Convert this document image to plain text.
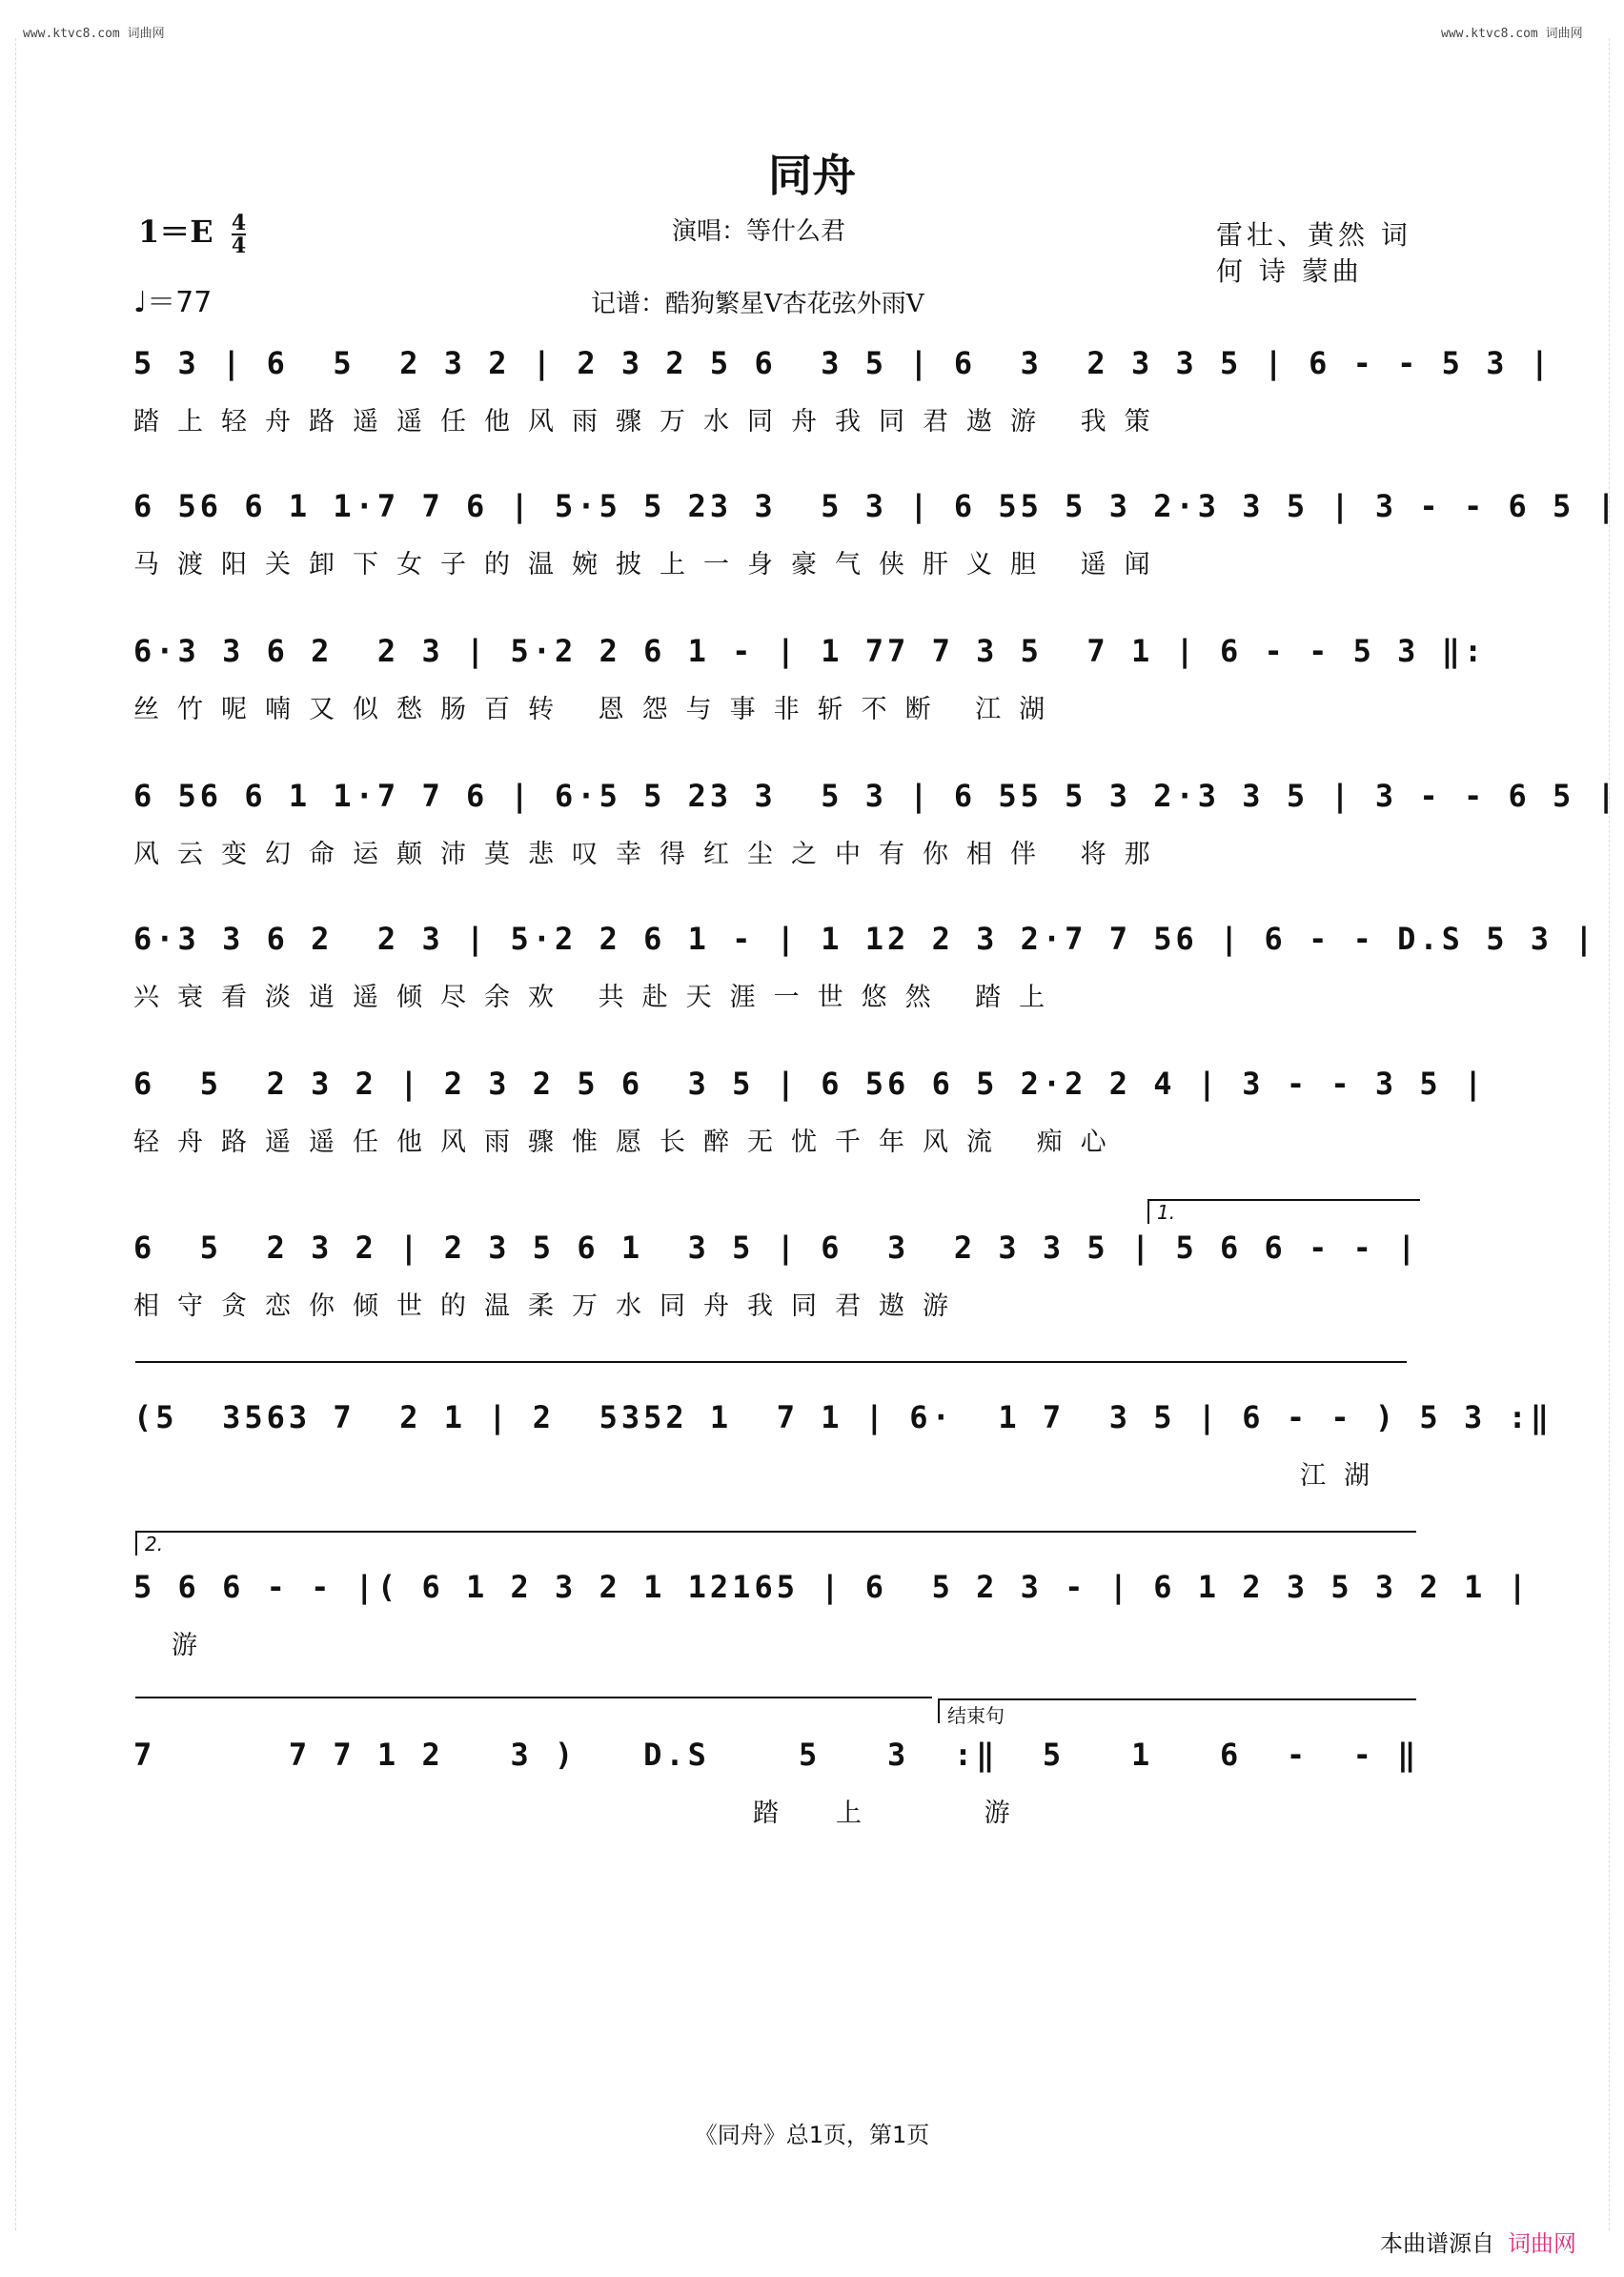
www.ktvc8.com 词曲网	www.ktvc8.com 词曲网
同舟
$1=E \frac{4}{4}$
♩＝77
演唱：等什么君
记谱：酷狗繁星V杏花弦外雨V
雷壮、黄然 词
何 诗 蒙曲
5 3 | 6  5  2 3 2 | 2 3 2 5 6  3 5 | 6  3  2 3 3 5 | 6 - - 5 3 |
踏上轻舟路遥遥任他风雨骤万水同舟我同君遨游 我策
6 56 6 1 1·7 7 6 | 5·5 5 23 3  5 3 | 6 55 5 3 2·3 3 5 | 3 - - 6 5 |
马渡阳关卸下女子的温婉披上一身豪气侠肝义胆 遥闻
6·3 3 6 2  2 3 | 5·2 2 6 1 - | 1 77 7 3 5  7 1 | 6 - - 5 3 ‖:
丝竹呢喃又似愁肠百转 恩怨与事非斩不断 江湖
6 56 6 1 1·7 7 6 | 6·5 5 23 3  5 3 | 6 55 5 3 2·3 3 5 | 3 - - 6 5 |
风云变幻命运颠沛莫悲叹幸得红尘之中有你相伴 将那
6·3 3 6 2  2 3 | 5·2 2 6 1 - | 1 12 2 3 2·7 7 56 | 6 - - D.S 5 3 |
兴衰看淡逍遥倾尽余欢 共赴天涯一世悠然 踏上
6  5  2 3 2 | 2 3 2 5 6  3 5 | 6 56 6 5 2·2 2 4 | 3 - - 3 5 |
轻舟路遥遥任他风雨骤惟愿长醉无忧千年风流 痴心
1.
6  5  2 3 2 | 2 3 5 6 1  3 5 | 6  3  2 3 3 5 | 5 6 6 - - |
相守贪恋你倾世的温柔万水同舟我同君遨游
(5  3563 7  2 1 | 2  5352 1  7 1 | 6·  1 7  3 5 | 6 - - ) 5 3 :‖
江湖
2.
5 6 6 - - |( 6 1 2 3 2 1 12165 | 6  5 2 3 - | 6 1 2 3 5 3 2 1 |
游
结束句
7      7 7 1 2   3 )   D.S    5   3  :‖  5   1   6  -  - ‖
踏上 游
《同舟》总1页，第1页
本曲谱源自 词曲网
